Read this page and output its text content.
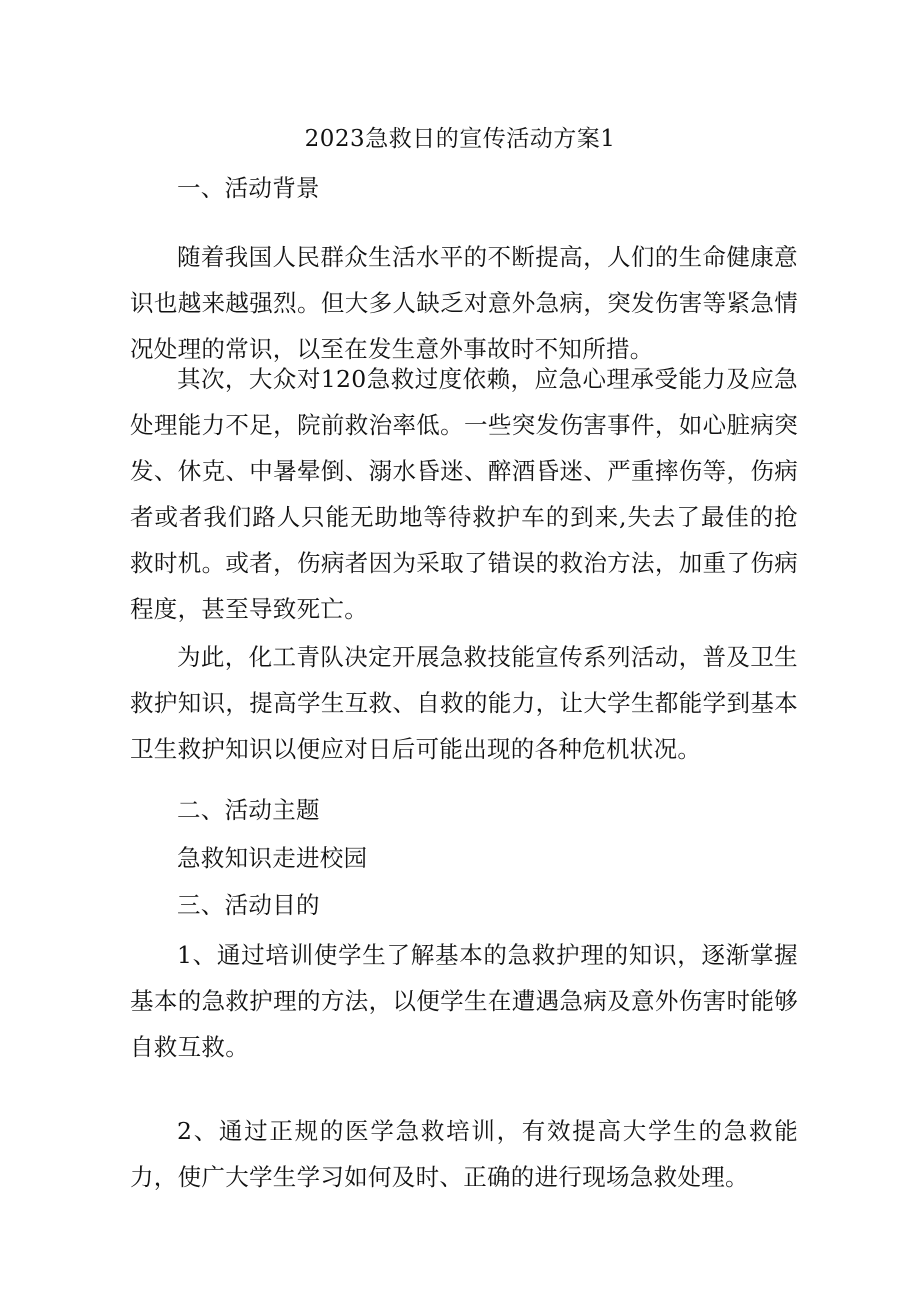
2023急救日的宣传活动方案1
一、活动背景
随着我国人民群众生活水平的不断提高，人们的生命健康意识也越来越强烈。但大多人缺乏对意外急病，突发伤害等紧急情况处理的常识，以至在发生意外事故时不知所措。
其次，大众对120急救过度依赖，应急心理承受能力及应急处理能力不足，院前救治率低。一些突发伤害事件，如心脏病突发、休克、中暑晕倒、溺水昏迷、醉酒昏迷、严重摔伤等，伤病者或者我们路人只能无助地等待救护车的到来,失去了最佳的抢救时机。或者，伤病者因为采取了错误的救治方法，加重了伤病程度，甚至导致死亡。
为此，化工青队决定开展急救技能宣传系列活动，普及卫生救护知识，提高学生互救、自救的能力，让大学生都能学到基本卫生救护知识以便应对日后可能出现的各种危机状况。
二、活动主题
急救知识走进校园
三、活动目的
1、通过培训使学生了解基本的急救护理的知识，逐渐掌握基本的急救护理的方法，以便学生在遭遇急病及意外伤害时能够自救互救。
2、通过正规的医学急救培训，有效提高大学生的急救能力，使广大学生学习如何及时、正确的进行现场急救处理。
